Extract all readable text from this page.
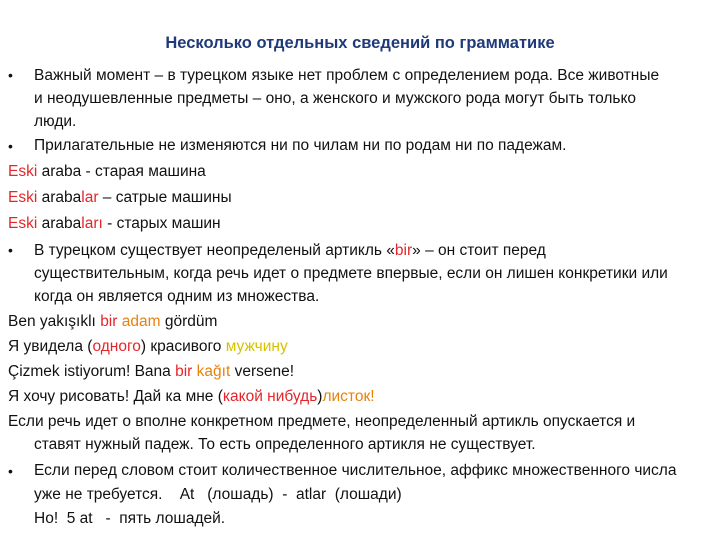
Несколько отдельных сведений по грамматике
•	Важный момент – в турецком языке нет проблем с определением рода. Все животные
и неодушевленные предметы – оно, а женского и мужского рода могут быть только
люди.
•	Прилагательные не изменяются ни по чилам ни по родам ни по падежам.
Eski araba - старая машина
Eski arabalar – сатрые машины
Eski arabaları - старых машин
•	В турецком существует неопределеный артикль «bir» – он стоит перед
существительным, когда речь идет о предмете впервые, если он лишен конкретики или
когда он является одним из множества.
Ben yakışıklı bir adam gördüm
Я увидела (одного) красивого мужчину
Çizmek istiyorum! Bana bir kağıt versene!
Я хочу рисовать! Дай ка мне (какой нибудь)листок!
Если речь идет о вполне конкретном предмете, неопределенный артикль опускается и
ставят нужный падеж. То есть определенного артикля не существует.
•	Если перед словом стоит количественное числительное, аффикс множественного числа
уже не требуется.    At   (лошадь)  -  atlar  (лошади)
Но!  5 at   -  пять лошадей.
